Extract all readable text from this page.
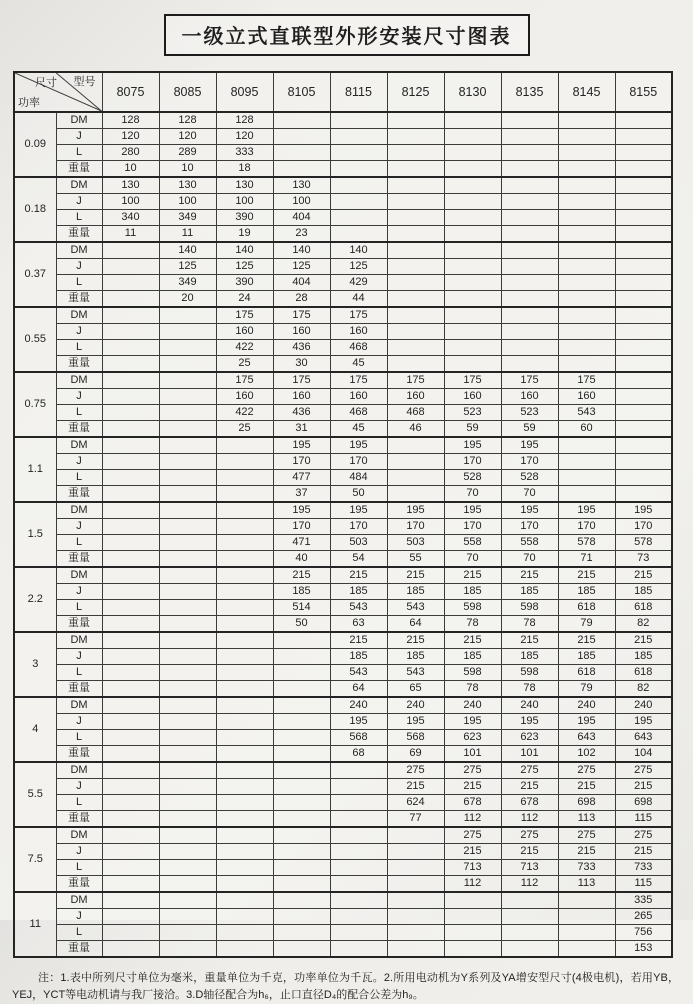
一级立式直联型外形安装尺寸图表
尺寸 型号
功率		8075	8085	8095	8105	8115	8125	8130	8135	8145	8155
0.09	DM	128	128	128							
	J	120	120	120							
	L	280	289	333							
	重量	10	10	18							
0.18	DM	130	130	130	130						
	J	100	100	100	100						
	L	340	349	390	404						
	重量	11	11	19	23						
0.37	DM		140	140	140	140					
	J		125	125	125	125					
	L		349	390	404	429					
	重量		20	24	28	44					
0.55	DM			175	175	175					
	J			160	160	160					
	L			422	436	468					
	重量			25	30	45					
0.75	DM			175	175	175	175	175	175	175	
	J			160	160	160	160	160	160	160	
	L			422	436	468	468	523	523	543	
	重量			25	31	45	46	59	59	60	
1.1	DM				195	195		195	195		
	J				170	170		170	170		
	L				477	484		528	528		
	重量				37	50		70	70		
1.5	DM				195	195	195	195	195	195	195
	J				170	170	170	170	170	170	170
	L				471	503	503	558	558	578	578
	重量				40	54	55	70	70	71	73
2.2	DM				215	215	215	215	215	215	215
	J				185	185	185	185	185	185	185
	L				514	543	543	598	598	618	618
	重量				50	63	64	78	78	79	82
3	DM					215	215	215	215	215	215
	J					185	185	185	185	185	185
	L					543	543	598	598	618	618
	重量					64	65	78	78	79	82
4	DM					240	240	240	240	240	240
	J					195	195	195	195	195	195
	L					568	568	623	623	643	643
	重量					68	69	101	101	102	104
5.5	DM						275	275	275	275	275
	J						215	215	215	215	215
	L						624	678	678	698	698
	重量						77	112	112	113	115
7.5	DM							275	275	275	275
	J							215	215	215	215
	L							713	713	733	733
	重量							112	112	113	115
11	DM										335
	J										265
	L										756
	重量										153

注：1.表中所列尺寸单位为毫米，重量单位为千克，功率单位为千瓦。2.所用电动机为Y系列及YA增安型尺寸(4极电机)，若用YB，YEJ，YCT等电动机请与我厂接洽。3.D轴径配合为h₆，止口直径D₄的配合公差为h₉。
